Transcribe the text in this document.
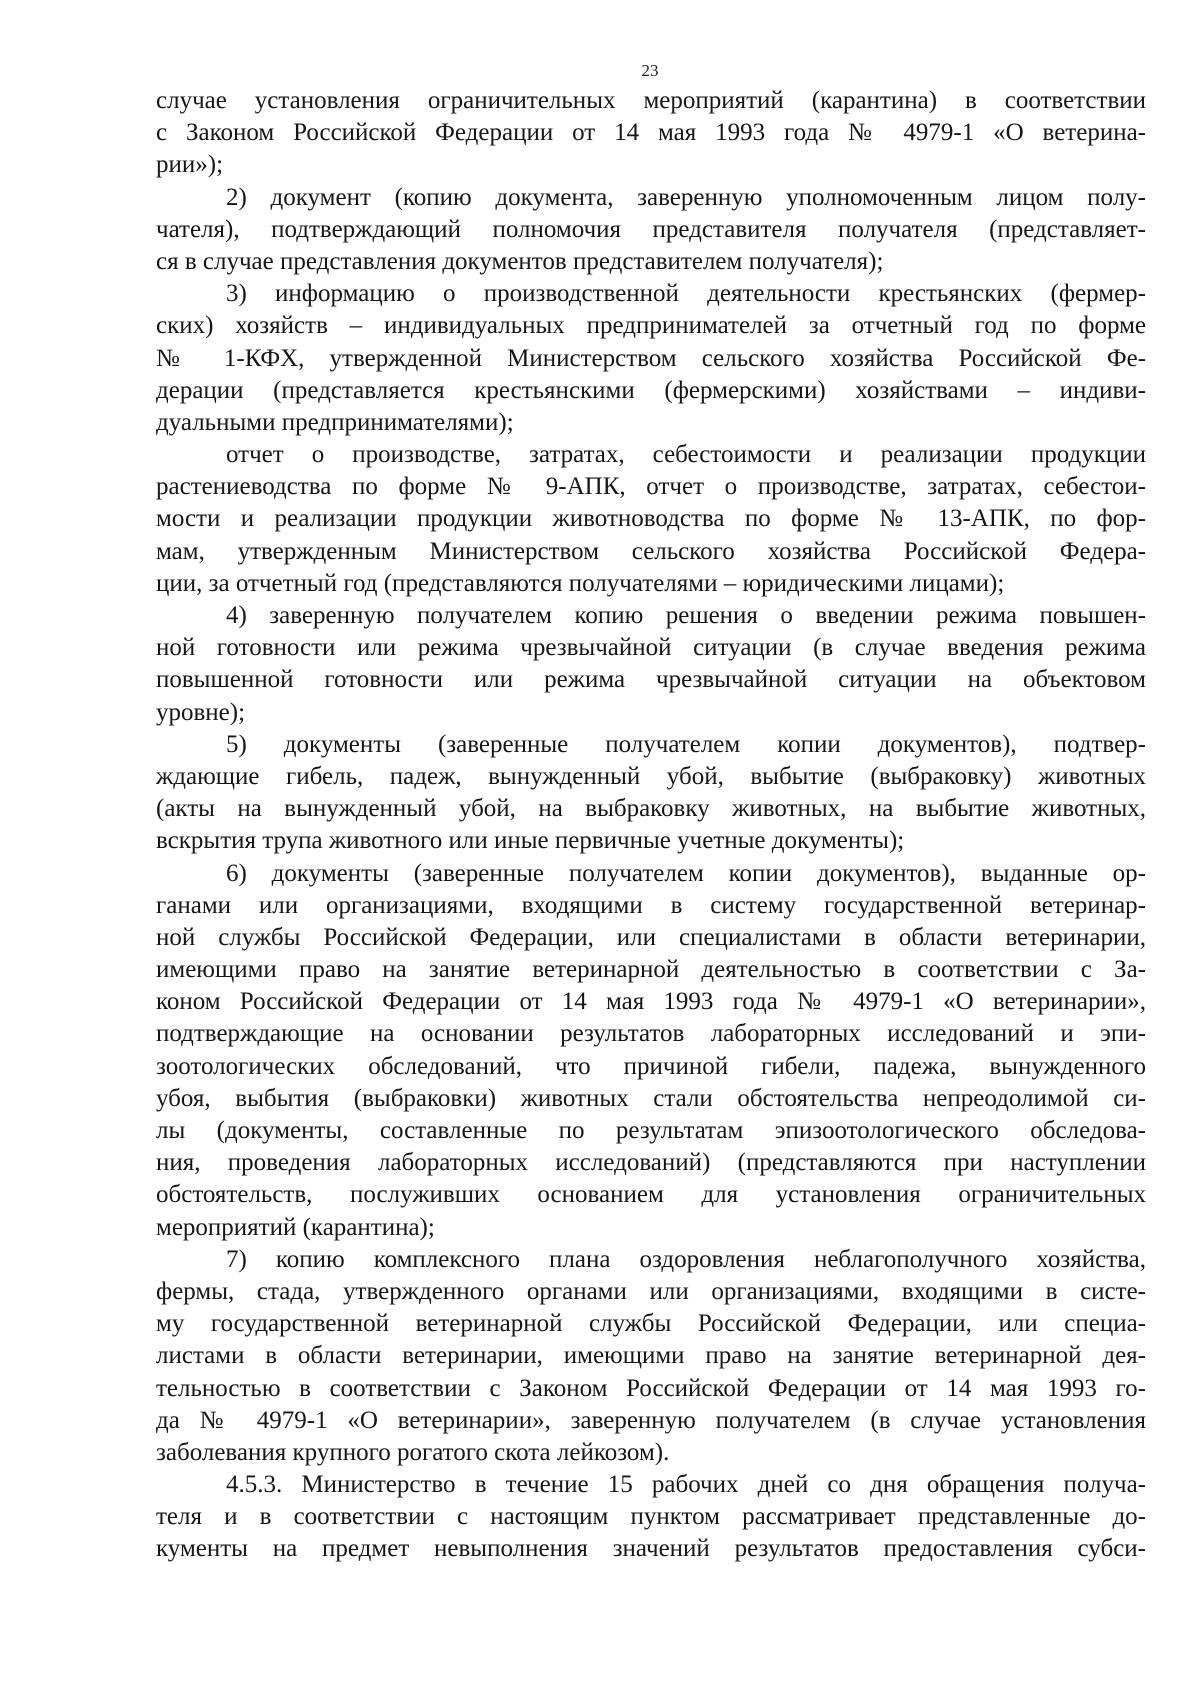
23
случае установления ограничительных мероприятий (карантина) в соответствии
с Законом Российской Федерации от 14 мая 1993 года № 4979-1 «О ветерина-
рии»);
2) документ (копию документа, заверенную уполномоченным лицом полу-
чателя), подтверждающий полномочия представителя получателя (представляет-
ся в случае представления документов представителем получателя);
3) информацию о производственной деятельности крестьянских (фермер-
ских) хозяйств – индивидуальных предпринимателей за отчетный год по форме
№ 1-КФХ, утвержденной Министерством сельского хозяйства Российской Фе-
дерации (представляется крестьянскими (фермерскими) хозяйствами – индиви-
дуальными предпринимателями);
отчет о производстве, затратах, себестоимости и реализации продукции
растениеводства по форме № 9-АПК, отчет о производстве, затратах, себестои-
мости и реализации продукции животноводства по форме № 13-АПК, по фор-
мам, утвержденным Министерством сельского хозяйства Российской Федера-
ции, за отчетный год (представляются получателями – юридическими лицами);
4) заверенную получателем копию решения о введении режима повышен-
ной готовности или режима чрезвычайной ситуации (в случае введения режима
повышенной готовности или режима чрезвычайной ситуации на объектовом
уровне);
5) документы (заверенные получателем копии документов), подтвер-
ждающие гибель, падеж, вынужденный убой, выбытие (выбраковку) животных
(акты на вынужденный убой, на выбраковку животных, на выбытие животных,
вскрытия трупа животного или иные первичные учетные документы);
6) документы (заверенные получателем копии документов), выданные ор-
ганами или организациями, входящими в систему государственной ветеринар-
ной службы Российской Федерации, или специалистами в области ветеринарии,
имеющими право на занятие ветеринарной деятельностью в соответствии с За-
коном Российской Федерации от 14 мая 1993 года № 4979-1 «О ветеринарии»,
подтверждающие на основании результатов лабораторных исследований и эпи-
зоотологических обследований, что причиной гибели, падежа, вынужденного
убоя, выбытия (выбраковки) животных стали обстоятельства непреодолимой си-
лы (документы, составленные по результатам эпизоотологического обследова-
ния, проведения лабораторных исследований) (представляются при наступлении
обстоятельств, послуживших основанием для установления ограничительных
мероприятий (карантина);
7) копию комплексного плана оздоровления неблагополучного хозяйства,
фермы, стада, утвержденного органами или организациями, входящими в систе-
му государственной ветеринарной службы Российской Федерации, или специа-
листами в области ветеринарии, имеющими право на занятие ветеринарной дея-
тельностью в соответствии с Законом Российской Федерации от 14 мая 1993 го-
да № 4979-1 «О ветеринарии», заверенную получателем (в случае установления
заболевания крупного рогатого скота лейкозом).
4.5.3. Министерство в течение 15 рабочих дней со дня обращения получа-
теля и в соответствии с настоящим пунктом рассматривает представленные до-
кументы на предмет невыполнения значений результатов предоставления субси-
